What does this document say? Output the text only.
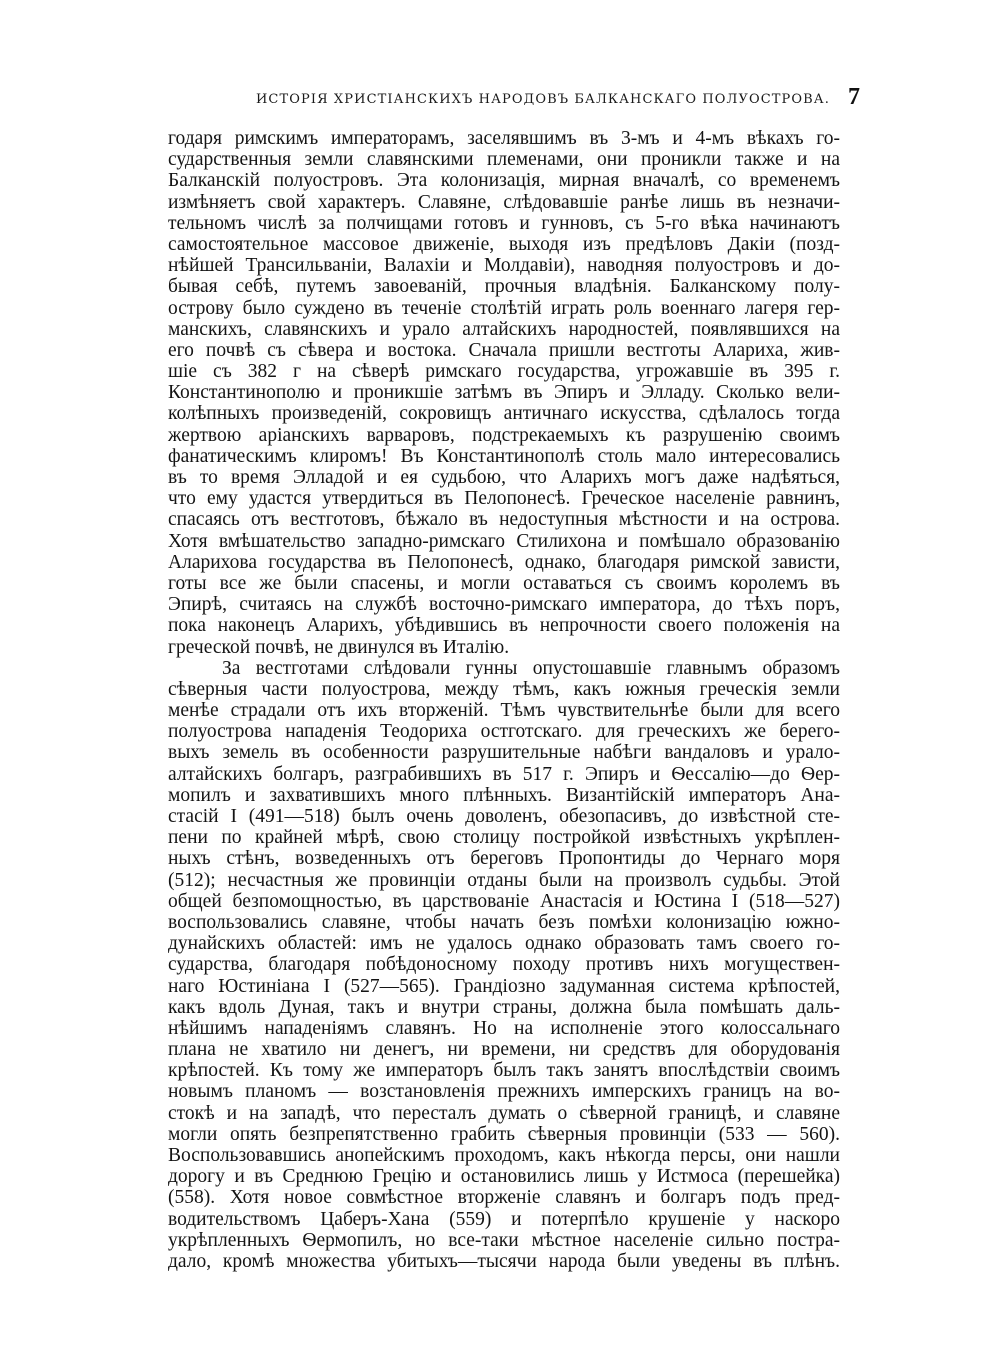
ИСТОРІЯ ХРИСТІАНСКИХЪ НАРОДОВЪ БАЛКАНСКАГО ПОЛУОСТРОВА. 7
годаря римскимъ императорамъ, заселявшимъ въ 3-мъ и 4-мъ вѣкахъ го-
сударственныя земли славянскими племенами, они проникли также и на
Балканскій полуостровъ. Эта колонизація, мирная вначалѣ, со временемъ
измѣняетъ свой характеръ. Славяне, слѣдовавшіе ранѣе лишь въ незначи-
тельномъ числѣ за полчищами готовъ и гунновъ, съ 5-го вѣка начинаютъ
самостоятельное массовое движеніе, выходя изъ предѣловъ Дакіи (позд-
нѣйшей Трансильваніи, Валахіи и Молдавіи), наводняя полуостровъ и до-
бывая себѣ, путемъ завоеваній, прочныя владѣнія. Балканскому полу-
острову было суждено въ теченіе столѣтій играть роль военнаго лагеря гер-
манскихъ, славянскихъ и урало алтайскихъ народностей, появлявшихся на
его почвѣ съ сѣвера и востока. Сначала пришли вестготы Алариха, жив-
шіе съ 382 г на сѣверѣ римскаго государства, угрожавшіе въ 395 г.
Константинополю и проникшіе затѣмъ въ Эпиръ и Элладу. Сколько вели-
колѣпныхъ произведеній, сокровищъ античнаго искусства, сдѣлалось тогда
жертвою аріанскихъ варваровъ, подстрекаемыхъ къ разрушенію своимъ
фанатическимъ клиромъ! Въ Константинополѣ столь мало интересовались
въ то время Элладой и ея судьбою, что Аларихъ могъ даже надѣяться,
что ему удастся утвердиться въ Пелопонесѣ. Греческое населеніе равнинъ,
спасаясь отъ вестготовъ, бѣжало въ недоступныя мѣстности и на острова.
Хотя вмѣшательство западно-римскаго Стилихона и помѣшало образованію
Аларихова государства въ Пелопонесѣ, однако, благодаря римской зависти,
готы все же были спасены, и могли оставаться съ своимъ королемъ въ
Эпирѣ, считаясь на службѣ восточно-римскаго императора, до тѣхъ поръ,
пока наконецъ Аларихъ, убѣдившись въ непрочности своего положенія на
греческой почвѣ, не двинулся въ Италію.
За вестготами слѣдовали гунны опустошавшіе главнымъ образомъ
сѣверныя части полуострова, между тѣмъ, какъ южныя греческія земли
менѣе страдали отъ ихъ вторженій. Тѣмъ чувствительнѣе были для всего
полуострова нападенія Теодориха остготскаго. для греческихъ же берего-
выхъ земель въ особенности разрушительные набѣги вандаловъ и урало-
алтайскихъ болгаръ, разграбившихъ въ 517 г. Эпиръ и Ѳессалію—до Ѳер-
мопилъ и захватившихъ много плѣнныхъ. Византійскій императоръ Ана-
стасій I (491—518) былъ очень доволенъ, обезопасивъ, до извѣстной сте-
пени по крайней мѣрѣ, свою столицу постройкой извѣстныхъ укрѣплен-
ныхъ стѣнъ, возведенныхъ отъ береговъ Пропонтиды до Чернаго моря
(512); несчастныя же провинціи отданы были на произволъ судьбы. Этой
общей безпомощностью, въ царствованіе Анастасія и Юстина I (518—527)
воспользовались славяне, чтобы начать безъ помѣхи колонизацію южно-
дунайскихъ областей: имъ не удалось однако образовать тамъ своего го-
сударства, благодаря побѣдоносному походу противъ нихъ могуществен-
наго Юстиніана I (527—565). Грандіозно задуманная система крѣпостей,
какъ вдоль Дуная, такъ и внутри страны, должна была помѣшать даль-
нѣйшимъ нападеніямъ славянъ. Но на исполненіе этого колоссальнаго
плана не хватило ни денегъ, ни времени, ни средствъ для оборудованія
крѣпостей. Къ тому же императоръ былъ такъ занятъ впослѣдствіи своимъ
новымъ планомъ — возстановленія прежнихъ имперскихъ границъ на во-
стокѣ и на западѣ, что пересталъ думать о сѣверной границѣ, и славяне
могли опять безпрепятственно грабить сѣверныя провинціи (533 — 560).
Воспользовавшись анопейскимъ проходомъ, какъ нѣкогда персы, они нашли
дорогу и въ Среднюю Грецію и остановились лишь у Истмоса (перешейка)
(558). Хотя новое совмѣстное вторженіе славянъ и болгаръ подъ пред-
водительствомъ Цаберъ-Хана (559) и потерпѣло крушеніе у наскоро
укрѣпленныхъ Ѳермопилъ, но все-таки мѣстное населеніе сильно постра-
дало, кромѣ множества убитыхъ—тысячи народа были уведены въ плѣнъ.
